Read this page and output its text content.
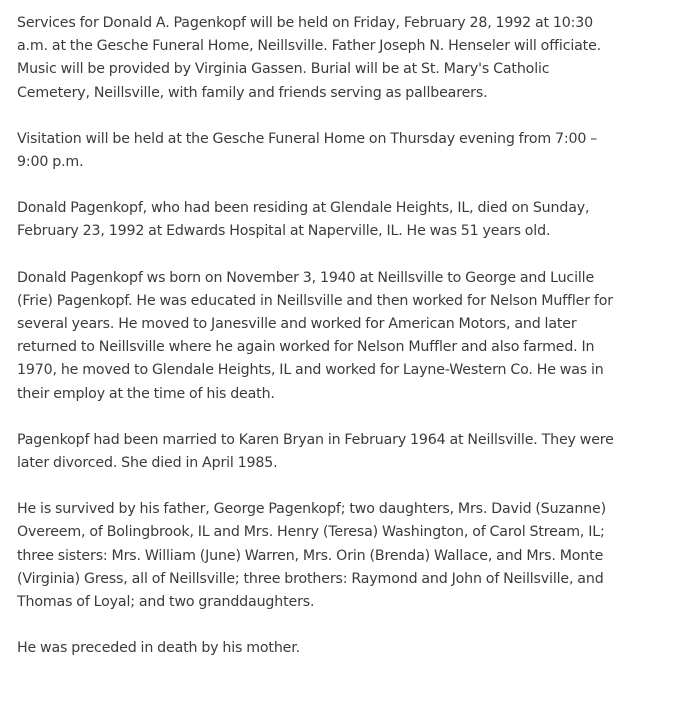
Services for Donald A. Pagenkopf will be held on Friday, February 28, 1992 at 10:30 a.m. at the Gesche Funeral Home, Neillsville. Father Joseph N. Henseler will officiate. Music will be provided by Virginia Gassen. Burial will be at St. Mary's Catholic Cemetery, Neillsville, with family and friends serving as pallbearers.

Visitation will be held at the Gesche Funeral Home on Thursday evening from 7:00 – 9:00 p.m.

Donald Pagenkopf, who had been residing at Glendale Heights, IL, died on Sunday, February 23, 1992 at Edwards Hospital at Naperville, IL. He was 51 years old.

Donald Pagenkopf ws born on November 3, 1940 at Neillsville to George and Lucille (Frie) Pagenkopf. He was educated in Neillsville and then worked for Nelson Muffler for several years. He moved to Janesville and worked for American Motors, and later returned to Neillsville where he again worked for Nelson Muffler and also farmed. In 1970, he moved to Glendale Heights, IL and worked for Layne-Western Co. He was in their employ at the time of his death.

Pagenkopf had been married to Karen Bryan in February 1964 at Neillsville. They were later divorced. She died in April 1985.

He is survived by his father, George Pagenkopf; two daughters, Mrs. David (Suzanne) Overeem, of Bolingbrook, IL and Mrs. Henry (Teresa) Washington, of Carol Stream, IL; three sisters: Mrs. William (June) Warren, Mrs. Orin (Brenda) Wallace, and Mrs. Monte (Virginia) Gress, all of Neillsville; three brothers: Raymond and John of Neillsville, and Thomas of Loyal; and two granddaughters.

He was preceded in death by his mother.
